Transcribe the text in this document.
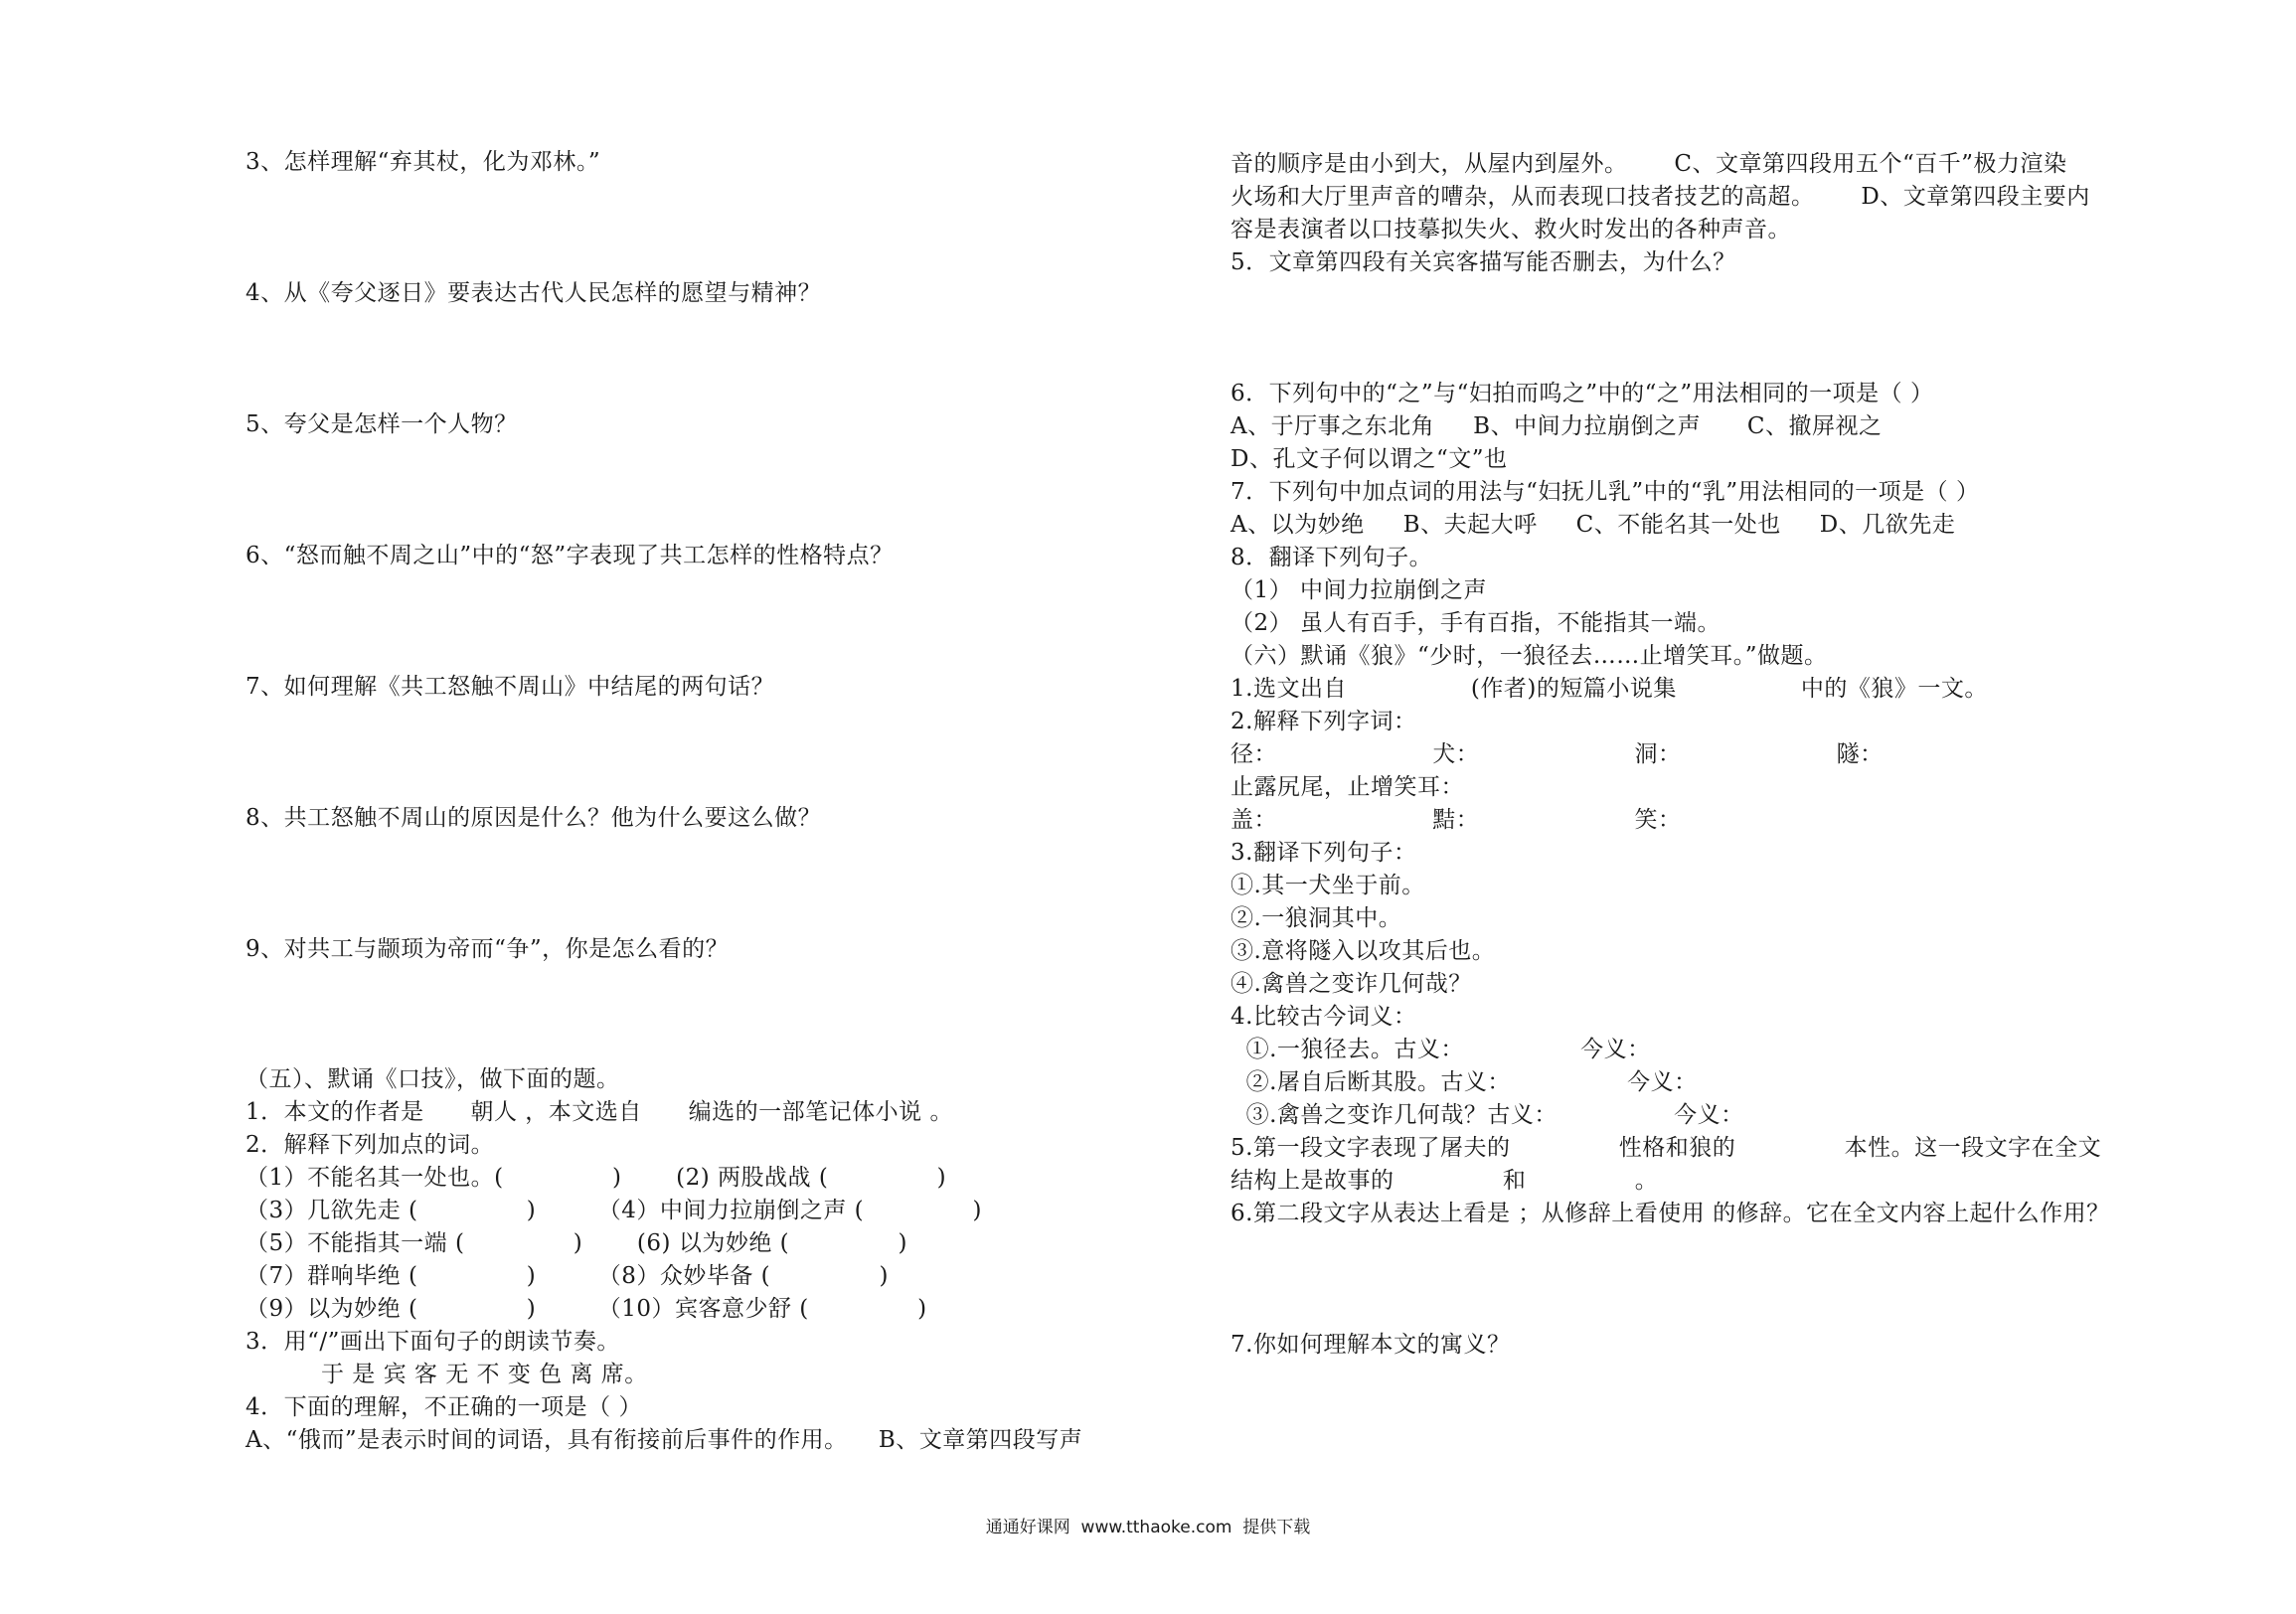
3、怎样理解“弃其杖，化为邓林。”
4、从《夸父逐日》要表达古代人民怎样的愿望与精神？
5、夸父是怎样一个人物？
6、“怒而触不周之山”中的“怒”字表现了共工怎样的性格特点？
7、如何理解《共工怒触不周山》中结尾的两句话？
8、共工怒触不周山的原因是什么？他为什么要这么做？
9、对共工与颛顼为帝而“争”，你是怎么看的？
（五）、默诵《口技》，做下面的题。
1．本文的作者是      朝人 ，本文选自      编选的一部笔记体小说 。
2．解释下列加点的词。
（1）不能名其一处也。(              )       (2) 两股战战 (              )
（3）几欲先走 (              )        （4）中间力拉崩倒之声 (              )
（5）不能指其一端 (              )       (6) 以为妙绝 (              )
（7）群响毕绝 (              )        （8）众妙毕备 (              )
（9）以为妙绝 (              )        （10）宾客意少舒 (              )
3．用“/”画出下面句子的朗读节奏。
于 是 宾 客 无 不 变 色 离 席。
4．下面的理解，不正确的一项是（ ）
A、“俄而”是表示时间的词语，具有衔接前后事件的作用。    B、文章第四段写声
音的顺序是由小到大，从屋内到屋外。      C、文章第四段用五个“百千”极力渲染
火场和大厅里声音的嘈杂，从而表现口技者技艺的高超。      D、文章第四段主要内
容是表演者以口技摹拟失火、救火时发出的各种声音。
5．文章第四段有关宾客描写能否删去，为什么？
6．下列句中的“之”与“妇拍而呜之”中的“之”用法相同的一项是（ ）
A、于厅事之东北角     B、中间力拉崩倒之声      C、撤屏视之
D、孔文子何以谓之“文”也
7．下列句中加点词的用法与“妇抚儿乳”中的“乳”用法相同的一项是（ ）
A、以为妙绝     B、夫起大呼     C、不能名其一处也     D、几欲先走
8．翻译下列句子。
（1） 中间力拉崩倒之声
（2） 虽人有百手，手有百指，不能指其一端。
（六）默诵《狼》“少时，一狼径去……止增笑耳。”做题。
1.选文出自                (作者)的短篇小说集                中的《狼》一文。
2.解释下列字词：
径：                    犬：                    洞：                    隧：
止露尻尾，止增笑耳：
盖：                    黠：                    笑：
3.翻译下列句子：
①.其一犬坐于前。
②.一狼洞其中。
③.意将隧入以攻其后也。
④.禽兽之变诈几何哉？
4.比较古今词义：
①.一狼径去。古义：               今义：
②.屠自后断其股。古义：               今义：
③.禽兽之变诈几何哉？古义：               今义：
5.第一段文字表现了屠夫的              性格和狼的              本性。这一段文字在全文
结构上是故事的              和              。
6.第二段文字从表达上看是 ；从修辞上看使用 的修辞。它在全文内容上起什么作用？
7.你如何理解本文的寓义？
通通好课网  www.tthaoke.com  提供下载
